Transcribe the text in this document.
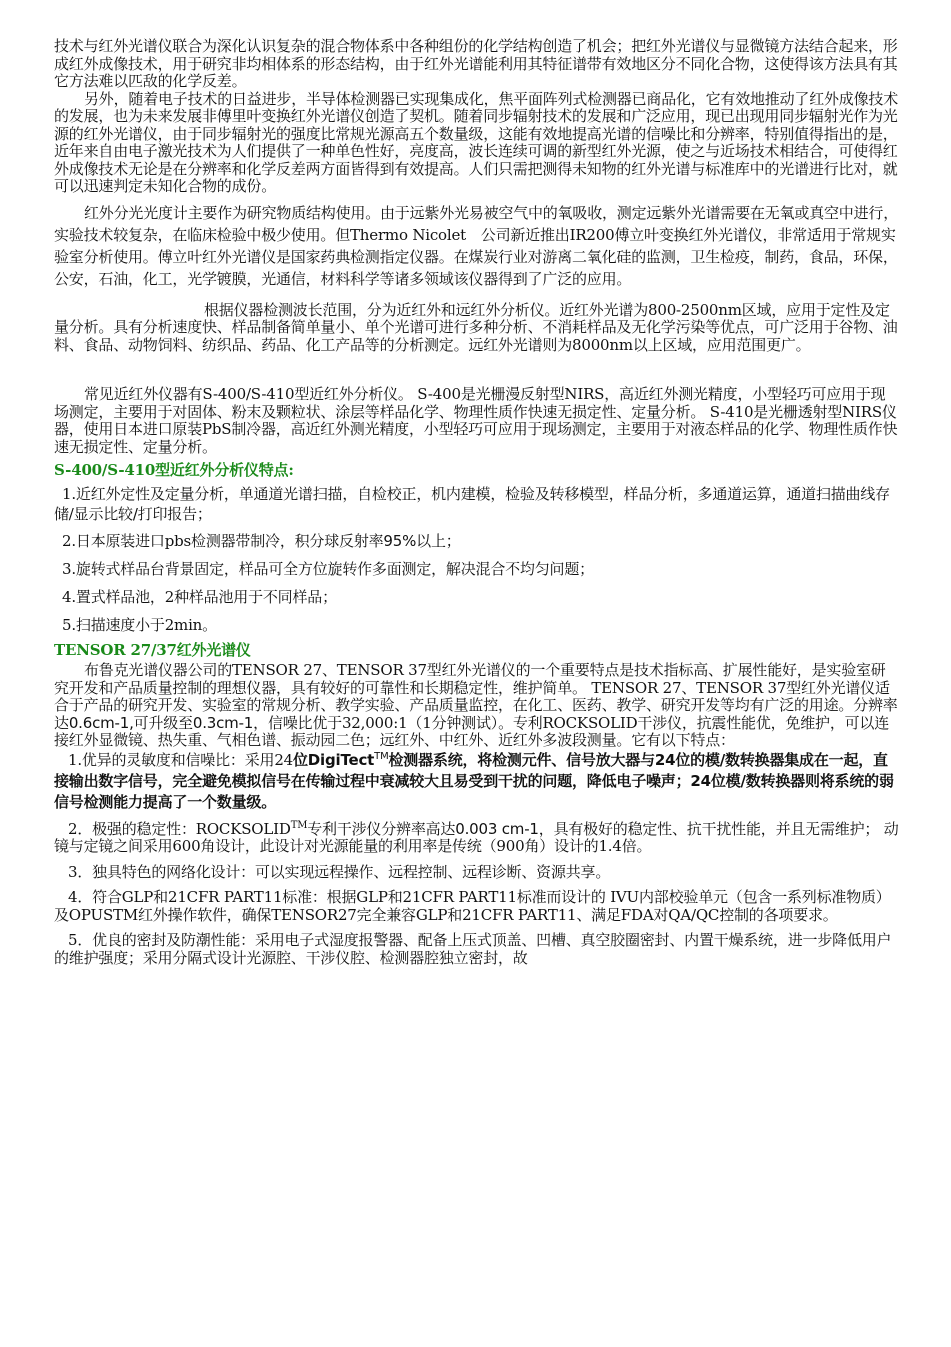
技术与红外光谱仪联合为深化认识复杂的混合物体系中各种组份的化学结构创造了机会；把红外光谱仪与显微镜方法结合起来，形成红外成像技术，用于研究非均相体系的形态结构，由于红外光谱能利用其特征谱带有效地区分不同化合物，这使得该方法具有其它方法难以匹敌的化学反差。

另外，随着电子技术的日益进步，半导体检测器已实现集成化，焦平面阵列式检测器已商品化，它有效地推动了红外成像技术的发展，也为未来发展非傅里叶变换红外光谱仪创造了契机。随着同步辐射技术的发展和广泛应用，现已出现用同步辐射光作为光源的红外光谱仪，由于同步辐射光的强度比常规光源高五个数量级，这能有效地提高光谱的信噪比和分辨率，特别值得指出的是，近年来自由电子激光技术为人们提供了一种单色性好，亮度高，波长连续可调的新型红外光源，使之与近场技术相结合，可使得红外成像技术无论是在分辨率和化学反差两方面皆得到有效提高。人们只需把测得未知物的红外光谱与标准库中的光谱进行比对，就可以迅速判定未知化合物的成份。

红外分光光度计主要作为研究物质结构使用。由于远紫外光易被空气中的氧吸收，测定远紫外光谱需要在无氧或真空中进行，实验技术较复杂，在临床检验中极少使用。但Thermo Nicolet　公司新近推出IR200傅立叶变换红外光谱仪，非常适用于常规实验室分析使用。傅立叶红外光谱仪是国家药典检测指定仪器。在煤炭行业对游离二氧化硅的监测，卫生检疫，制药，食品，环保，公安，石油，化工，光学镀膜，光通信，材料科学等诸多领域该仪器得到了广泛的应用。

根据仪器检测波长范围，分为近红外和远红外分析仪。近红外光谱为800-2500nm区域，应用于定性及定量分析。具有分析速度快、样品制备简单量小、单个光谱可进行多种分析、不消耗样品及无化学污染等优点，可广泛用于谷物、油料、食品、动物饲料、纺织品、药品、化工产品等的分析测定。远红外光谱则为8000nm以上区域，应用范围更广。

常见近红外仪器有S-400/S-410型近红外分析仪。 S-400是光栅漫反射型NIRS，高近红外测光精度，小型轻巧可应用于现场测定，主要用于对固体、粉末及颗粒状、涂层等样品化学、物理性质作快速无损定性、定量分析。 S-410是光栅透射型NIRS仪器，使用日本进口原装PbS制冷器，高近红外测光精度，小型轻巧可应用于现场测定，主要用于对液态样品的化学、物理性质作快速无损定性、定量分析。

S-400/S-410型近红外分析仪特点:

1.近红外定性及定量分析，单通道光谱扫描，自检校正，机内建模，检验及转移模型，样品分析，多通道运算，通道扫描曲线存储/显示比较/打印报告；

2.日本原装进口pbs检测器带制冷，积分球反射率95%以上；

3.旋转式样品台背景固定，样品可全方位旋转作多面测定，解决混合不均匀问题；

4.置式样品池，2种样品池用于不同样品；

5.扫描速度小于2min。

TENSOR 27/37红外光谱仪

布鲁克光谱仪器公司的TENSOR 27、TENSOR 37型红外光谱仪的一个重要特点是技术指标高、扩展性能好，是实验室研究开发和产品质量控制的理想仪器，具有较好的可靠性和长期稳定性，维护简单。 TENSOR 27、TENSOR 37型红外光谱仪适合于产品的研究开发、实验室的常规分析、教学实验、产品质量监控，在化工、医药、教学、研究开发等均有广泛的用途。分辨率达0.6cm-1,可升级至0.3cm-1，信噪比优于32,000:1（1分钟测试）。专利ROCKSOLID干涉仪，抗震性能优，免维护，可以连接红外显微镜、热失重、气相色谱、振动园二色；远红外、中红外、近红外多波段测量。它有以下特点：

1.优异的灵敏度和信噪比：采用24位DigiTect™检测器系统，将检测元件、信号放大器与24位的模/数转换器集成在一起，直接输出数字信号，完全避免模拟信号在传输过程中衰减较大且易受到干扰的问题，降低电子噪声；24位模/数转换器则将系统的弱信号检测能力提高了一个数量级。

2．极强的稳定性：ROCKSOLID™专利干涉仪分辨率高达0.003 cm-1，具有极好的稳定性、抗干扰性能，并且无需维护； 动镜与定镜之间采用600角设计，此设计对光源能量的利用率是传统（900角）设计的1.4倍。

3．独具特色的网络化设计：可以实现远程操作、远程控制、远程诊断、资源共享。

4．符合GLP和21CFR PART11标准：根据GLP和21CFR PART11标准而设计的 IVU内部校验单元（包含一系列标准物质）及OPUSTM红外操作软件，确保TENSOR27完全兼容GLP和21CFR PART11、满足FDA对QA/QC控制的各项要求。

5．优良的密封及防潮性能：采用电子式湿度报警器、配备上压式顶盖、凹槽、真空胶圈密封、内置干燥系统，进一步降低用户的维护强度；采用分隔式设计光源腔、干涉仪腔、检测器腔独立密封，故
